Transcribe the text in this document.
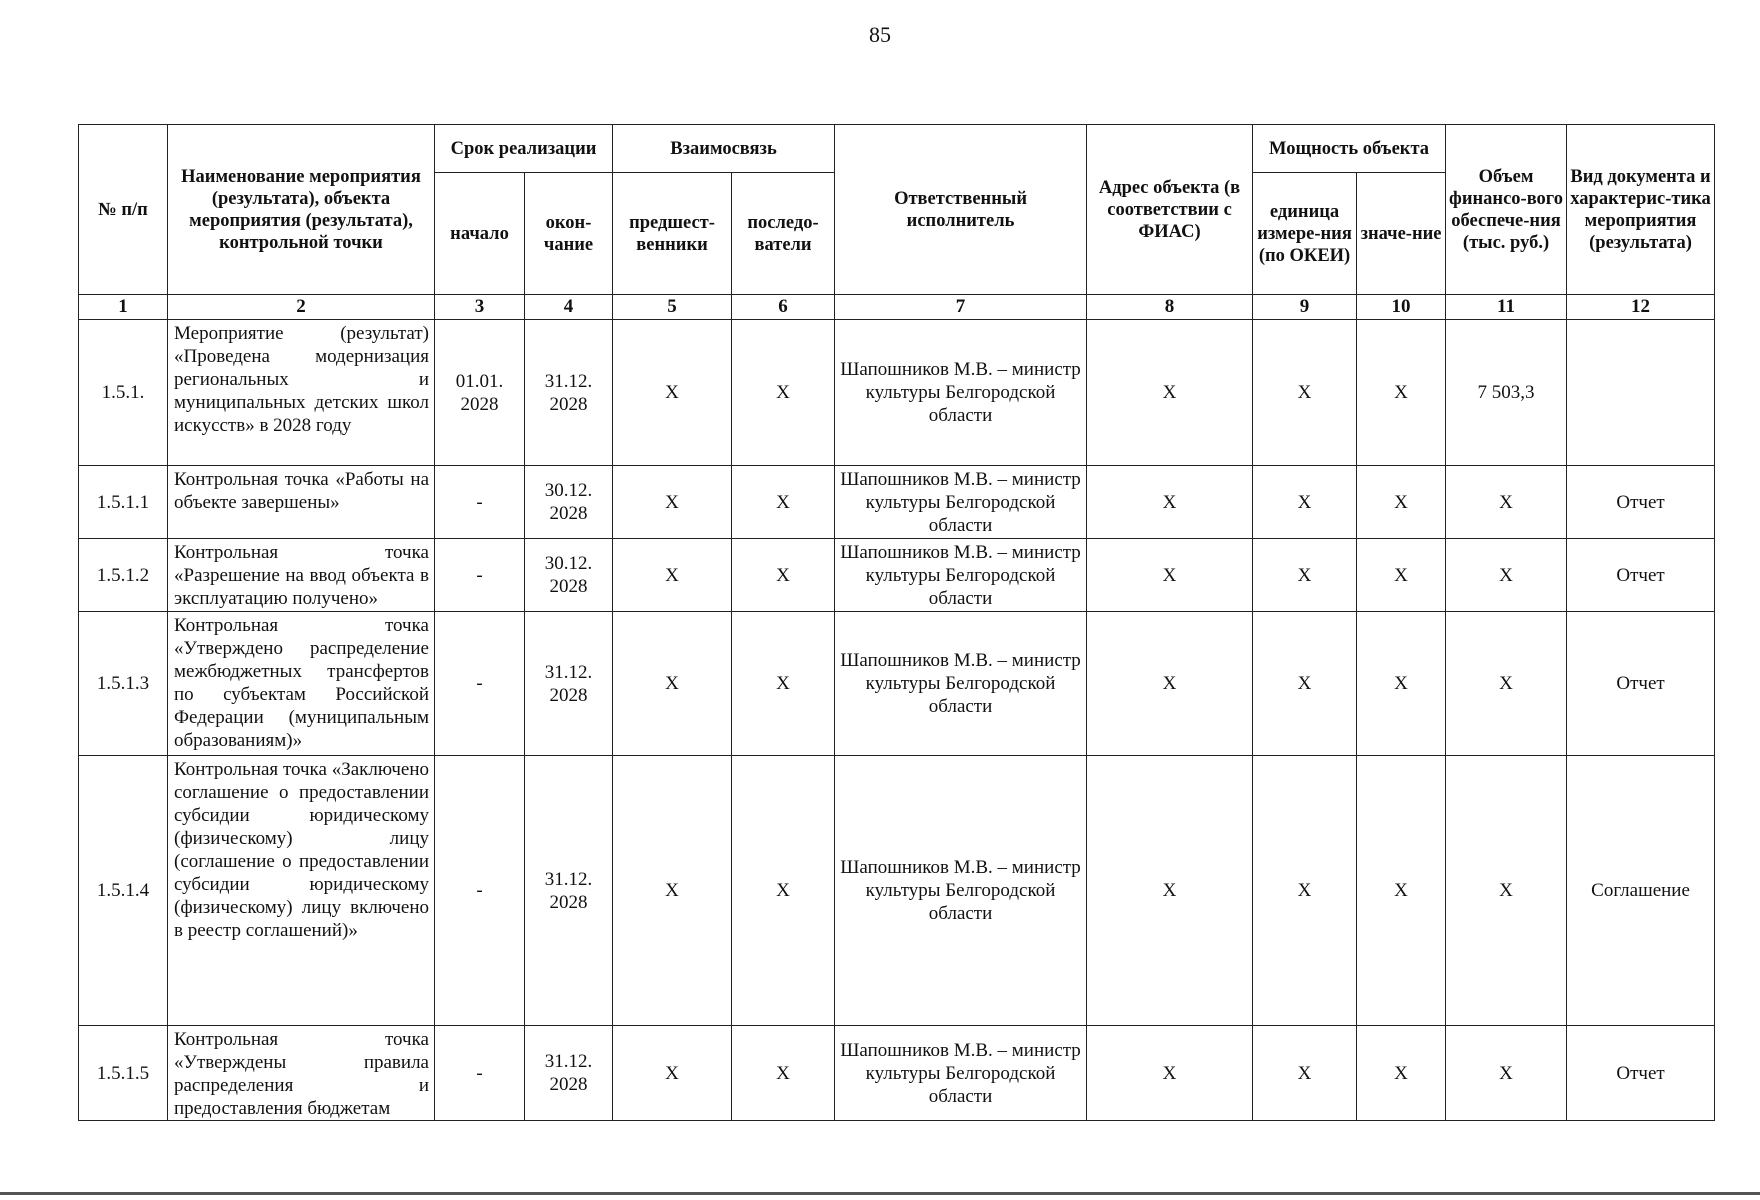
85
№ п/п	Наименование мероприятия (результата), объекта мероприятия (результата), контрольной точки	Срок реализации		Взаимосвязь		Ответственный исполнитель	Адрес объекта (в соответствии с ФИАС)	Мощность объекта		Объем финансо-вого обеспече-ния (тыс. руб.)	Вид документа и характерис-тика мероприятия (результата)
		начало	окон-чание	предшест-венники	последо-ватели			единица измере-ния (по ОКЕИ)	значе-ние		
1	2	3	4	5	6	7	8	9	10	11	12
1.5.1.	Мероприятие (результат) «Проведена модернизация региональных и муниципальных детских школ искусств» в 2028 году	01.01. 2028	31.12. 2028	X	X	Шапошников М.В. – министр культуры Белгородской области	X	X	X	7 503,3	
1.5.1.1	Контрольная точка «Работы на объекте завершены»	-	30.12. 2028	X	X	Шапошников М.В. – министр культуры Белгородской области	X	X	X	X	Отчет
1.5.1.2	Контрольная точка «Разрешение на ввод объекта в эксплуатацию получено»	-	30.12. 2028	X	X	Шапошников М.В. – министр культуры Белгородской области	X	X	X	X	Отчет
1.5.1.3	Контрольная точка «Утверждено распределение межбюджетных трансфертов по субъектам Российской Федерации (муниципальным образованиям)»	-	31.12. 2028	X	X	Шапошников М.В. – министр культуры Белгородской области	X	X	X	X	Отчет
1.5.1.4	Контрольная точка «Заключено соглашение о предоставлении субсидии юридическому (физическому) лицу (соглашение о предоставлении субсидии юридическому (физическому) лицу включено в реестр соглашений)»	-	31.12. 2028	X	X	Шапошников М.В. – министр культуры Белгородской области	X	X	X	X	Соглашение
1.5.1.5	Контрольная точка «Утверждены правила распределения и предоставления бюджетам	-	31.12. 2028	X	X	Шапошников М.В. – министр культуры Белгородской области	X	X	X	X	Отчет
